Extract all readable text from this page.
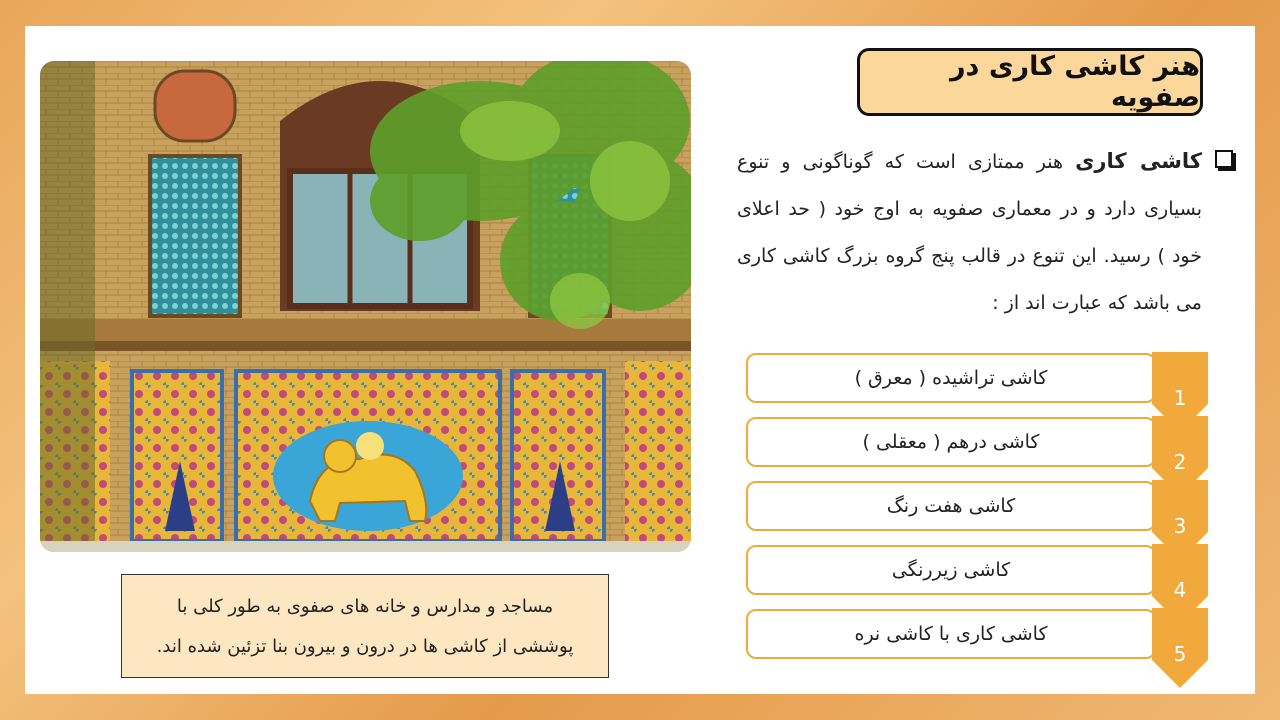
هنر کاشی کاری در صفویه
کاشی کاری هنر ممتازی است که گوناگونی و تنوع بسیاری دارد و در معماری صفویه به اوج خود ( حد اعلای خود ) رسید. این تنوع در قالب پنج گروه بزرگ کاشی کاری می باشد که عبارت اند از :
مساجد و مدارس و خانه های صفوی به طور کلی با
پوششی از کاشی ها در درون و بیرون بنا تزئین شده اند.
کاشی تراشیده ( معرق )
کاشی درهم ( معقلی )
کاشی هفت رنگ
کاشی زیررنگی
کاشی کاری با کاشی نره
1
2
3
4
5
